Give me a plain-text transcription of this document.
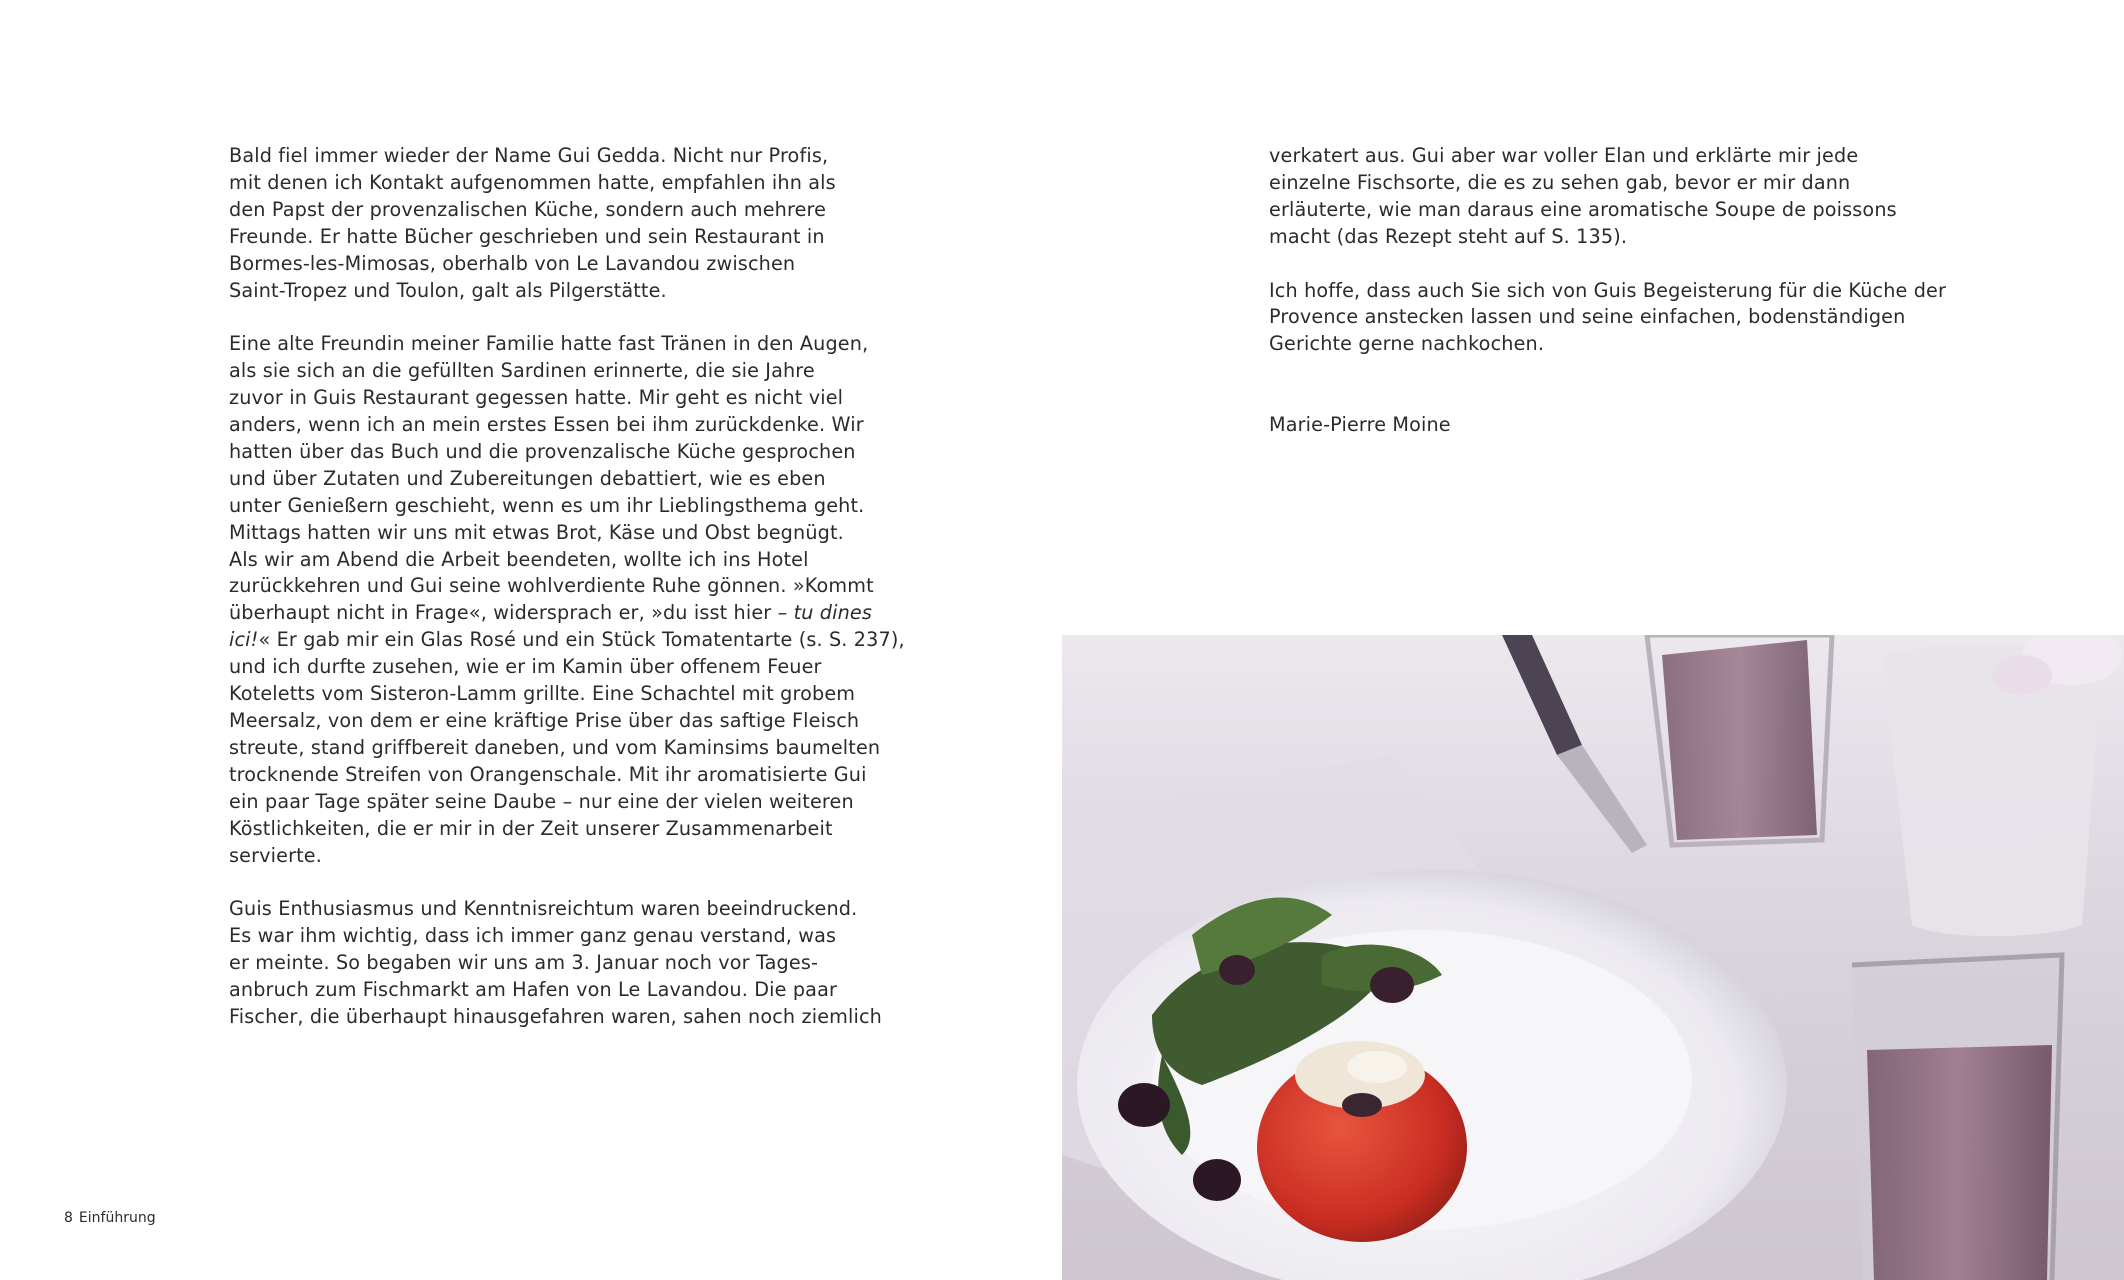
Bald fiel immer wieder der Name Gui Gedda. Nicht nur Profis,
mit denen ich Kontakt aufgenommen hatte, empfahlen ihn als
den Papst der provenzalischen Küche, sondern auch mehrere
Freunde. Er hatte Bücher geschrieben und sein Restaurant in
Bormes-les-Mimosas, oberhalb von Le Lavandou zwischen
Saint-Tropez und Toulon, galt als Pilgerstätte.
Eine alte Freundin meiner Familie hatte fast Tränen in den Augen,
als sie sich an die gefüllten Sardinen erinnerte, die sie Jahre
zuvor in Guis Restaurant gegessen hatte. Mir geht es nicht viel
anders, wenn ich an mein erstes Essen bei ihm zurückdenke. Wir
hatten über das Buch und die provenzalische Küche gesprochen
und über Zutaten und Zubereitungen debattiert, wie es eben
unter Genießern geschieht, wenn es um ihr Lieblingsthema geht.
Mittags hatten wir uns mit etwas Brot, Käse und Obst begnügt.
Als wir am Abend die Arbeit beendeten, wollte ich ins Hotel
zurückkehren und Gui seine wohlverdiente Ruhe gönnen. »Kommt
überhaupt nicht in Frage«, widersprach er, »du isst hier – tu dines
ici!« Er gab mir ein Glas Rosé und ein Stück Tomatentarte (s. S. 237),
und ich durfte zusehen, wie er im Kamin über offenem Feuer
Koteletts vom Sisteron-Lamm grillte. Eine Schachtel mit grobem
Meersalz, von dem er eine kräftige Prise über das saftige Fleisch
streute, stand griffbereit daneben, und vom Kaminsims baumelten
trocknende Streifen von Orangenschale. Mit ihr aromatisierte Gui
ein paar Tage später seine Daube – nur eine der vielen weiteren
Köstlichkeiten, die er mir in der Zeit unserer Zusammenarbeit
servierte.
Guis Enthusiasmus und Kenntnisreichtum waren beeindruckend.
Es war ihm wichtig, dass ich immer ganz genau verstand, was
er meinte. So begaben wir uns am 3. Januar noch vor Tages-
anbruch zum Fischmarkt am Hafen von Le Lavandou. Die paar
Fischer, die überhaupt hinausgefahren waren, sahen noch ziemlich
verkatert aus. Gui aber war voller Elan und erklärte mir jede
einzelne Fischsorte, die es zu sehen gab, bevor er mir dann
erläuterte, wie man daraus eine aromatische Soupe de poissons
macht (das Rezept steht auf S. 135).
Ich hoffe, dass auch Sie sich von Guis Begeisterung für die Küche der
Provence anstecken lassen und seine einfachen, bodenständigen
Gerichte gerne nachkochen.
Marie-Pierre Moine
8 Einführung
